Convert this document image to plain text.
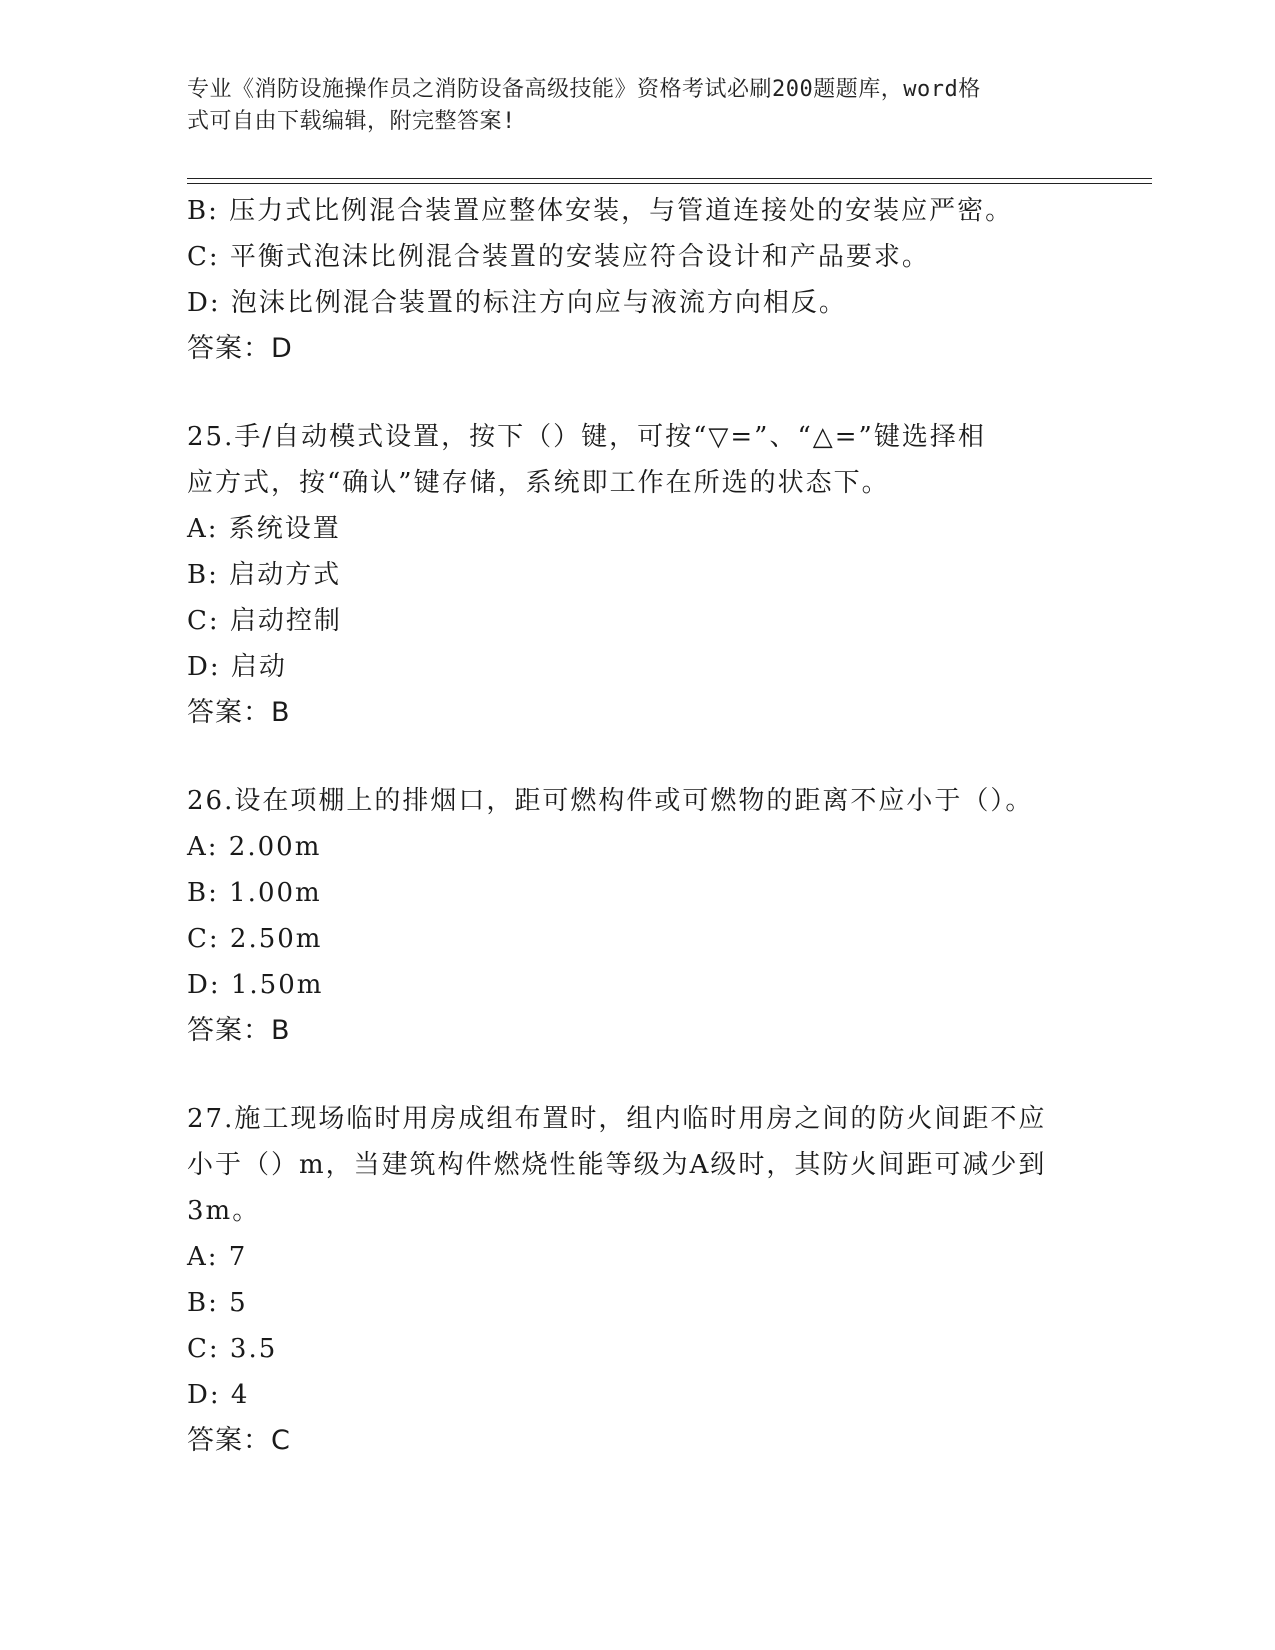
专业《消防设施操作员之消防设备高级技能》资格考试必刷200题题库，word格
式可自由下载编辑，附完整答案!
B: 压力式比例混合装置应整体安装，与管道连接处的安装应严密。
C: 平衡式泡沫比例混合装置的安装应符合设计和产品要求。
D: 泡沫比例混合装置的标注方向应与液流方向相反。
答案：D
25.手/自动模式设置，按下（）键，可按“▽=”、“△=”键选择相
应方式，按“确认”键存储，系统即工作在所选的状态下。
A: 系统设置
B: 启动方式
C: 启动控制
D: 启动
答案：B
26.设在项棚上的排烟口，距可燃构件或可燃物的距离不应小于（）。
A: 2.00m
B: 1.00m
C: 2.50m
D: 1.50m
答案：B
27.施工现场临时用房成组布置时，组内临时用房之间的防火间距不应
小于（）m，当建筑构件燃烧性能等级为A级时，其防火间距可减少到
3m。
A: 7
B: 5
C: 3.5
D: 4
答案：C
